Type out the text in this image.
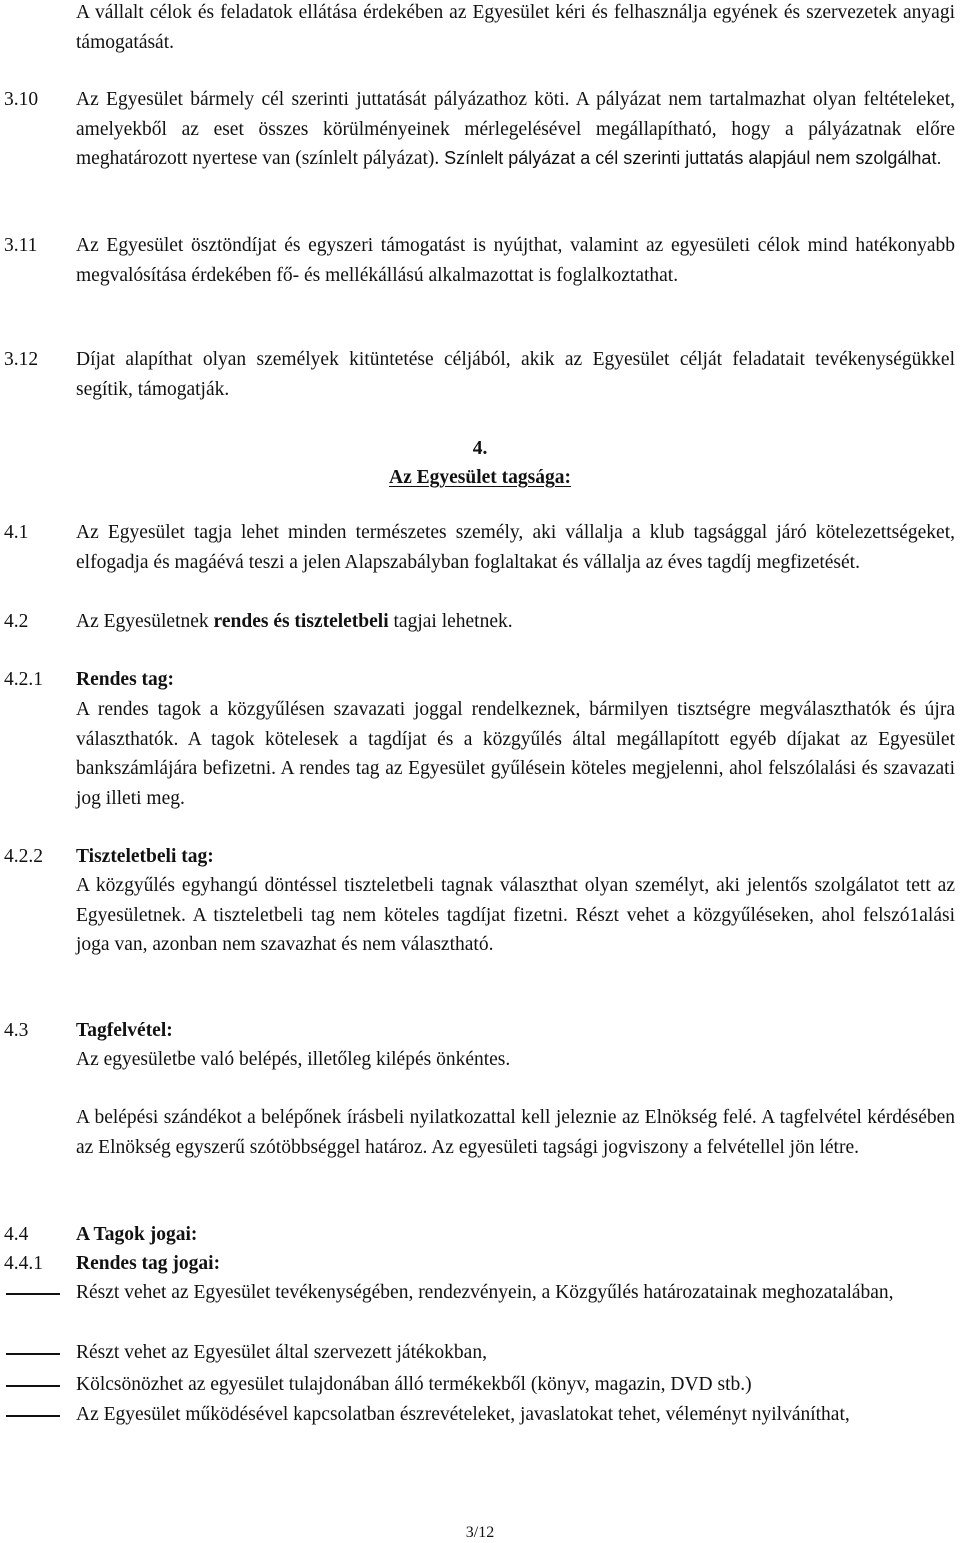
A vállalt célok és feladatok ellátása érdekében az Egyesület kéri és felhasználja egyének és szervezetek anyagi támogatását.
3.10 Az Egyesület bármely cél szerinti juttatását pályázathoz köti. A pályázat nem tartalmazhat olyan feltételeket, amelyekből az eset összes körülményeinek mérlegelésével megállapítható, hogy a pályázatnak előre meghatározott nyertese van (színlelt pályázat). Színlelt pályázat a cél szerinti juttatás alapjául nem szolgálhat.
3.11 Az Egyesület ösztöndíjat és egyszeri támogatást is nyújthat, valamint az egyesületi célok mind hatékonyabb megvalósítása érdekében fő- és mellékállású alkalmazottat is foglalkoztathat.
3.12 Díjat alapíthat olyan személyek kitüntetése céljából, akik az Egyesület célját feladatait tevékenységükkel segítik, támogatják.
4.
Az Egyesület tagsága:
4.1 Az Egyesület tagja lehet minden természetes személy, aki vállalja a klub tagsággal járó kötelezettségeket, elfogadja és magáévá teszi a jelen Alapszabályban foglaltakat és vállalja az éves tagdíj megfizetését.
4.2 Az Egyesületnek rendes és tiszteletbeli tagjai lehetnek.
4.2.1 Rendes tag:
A rendes tagok a közgyűlésen szavazati joggal rendelkeznek, bármilyen tisztségre megválaszthatók és újra választhatók. A tagok kötelesek a tagdíjat és a közgyűlés által megállapított egyéb díjakat az Egyesület bankszámlájára befizetni. A rendes tag az Egyesület gyűlésein köteles megjelenni, ahol felszólalási és szavazati jog illeti meg.
4.2.2 Tiszteletbeli tag:
A közgyűlés egyhangú döntéssel tiszteletbeli tagnak választhat olyan személyt, aki jelentős szolgálatot tett az Egyesületnek. A tiszteletbeli tag nem köteles tagdíjat fizetni. Részt vehet a közgyűléseken, ahol felszó1alási joga van, azonban nem szavazhat és nem választható.
4.3 Tagfelvétel:
Az egyesületbe való belépés, illetőleg kilépés önkéntes.
A belépési szándékot a belépőnek írásbeli nyilatkozattal kell jeleznie az Elnökség felé. A tagfelvétel kérdésében az Elnökség egyszerű szótöbbséggel határoz. Az egyesületi tagsági jogviszony a felvétellel jön létre.
4.4 A Tagok jogai:
4.4.1 Rendes tag jogai:
Részt vehet az Egyesület tevékenységében, rendezvényein, a Közgyűlés határozatainak meghozatalában,
Részt vehet az Egyesület által szervezett játékokban,
Kölcsönözhet az egyesület tulajdonában álló termékekből (könyv, magazin, DVD stb.)
Az Egyesület működésével kapcsolatban észrevételeket, javaslatokat tehet, véleményt nyilváníthat,
3/12
